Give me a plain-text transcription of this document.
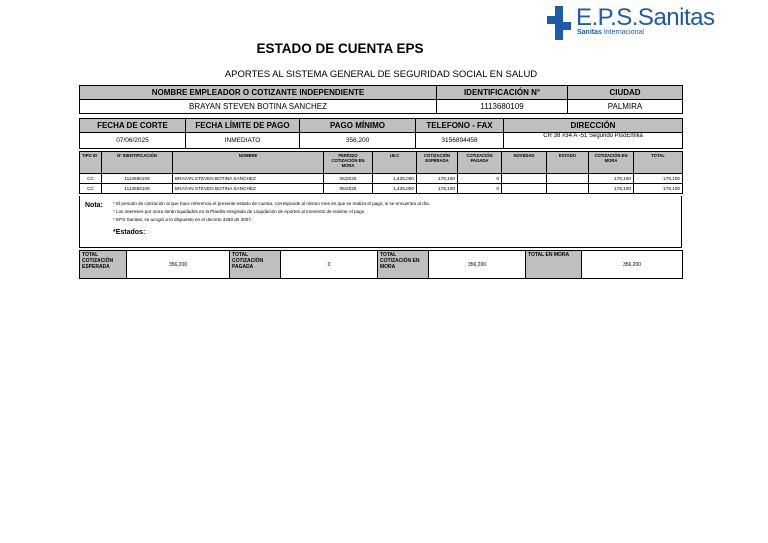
E.P.S.Sanitas
Sanitas Internacional
ESTADO DE CUENTA EPS
APORTES AL SISTEMA GENERAL DE SEGURIDAD SOCIAL EN SALUD
NOMBRE EMPLEADOR O COTIZANTE INDEPENDIENTE	IDENTIFICACIÓN N°	CIUDAD
BRAYAN STEVEN BOTINA SANCHEZ	1113680109	PALMIRA
FECHA DE CORTE	FECHA LÍMITE DE PAGO	PAGO MÍNIMO	TELEFONO - FAX	DIRECCIÓN
07/06/2025	INMEDIATO	356,200	3156894458	CR 38 #34 A -51 Segundo PisoEmilia
TIPO ID	N° IDENTIFICACIÓN	NOMBRE	PERÍODO COTIZACIÓN EN MORA	I.B.C	COTIZACIÓN ESPERADA	COTIZACIÓN PAGADA	NOVEDAD	ESTADO	COTIZACIÓN EN MORA	TOTAL
CC	1113680109	BRAYAN STEVEN BOTINA SANCHEZ	05/2025	1,425,000	178,100	0			178,100	178,100
CC	1113680109	BRAYAN STEVEN BOTINA SANCHEZ	06/2025	1,425,000	178,100	0			178,100	178,100
Nota: * El periodo de cotización al que hace referencia el presente estado de cuenta, corresponde al mismo mes en que se realiza el pago, si se encuentra al día.
* Los intereses por mora serán liquidados en la Planilla Integrada de Liquidación de Aportes al momento de realizar el pago .
* EPS Sanitas, se acogió a lo dispuesto en el decreto 3260 de 2007.
*Estados:
TOTAL COTIZACIÓN ESPERADA	356,200	TOTAL COTIZACIÓN PAGADA	0	TOTAL COTIZACIÓN EN MORA	356,200	TOTAL EN MORA	356,200
